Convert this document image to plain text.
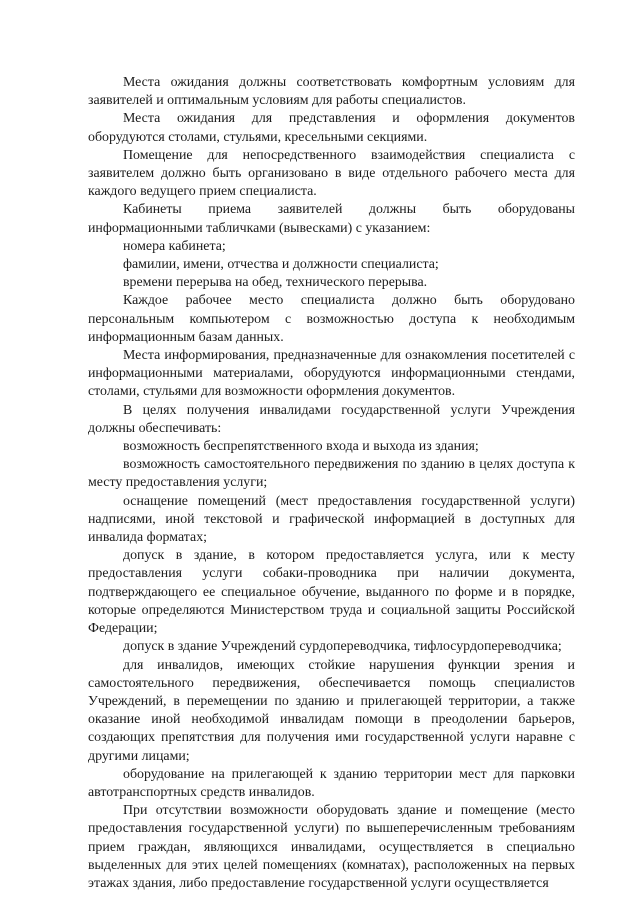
Места ожидания должны соответствовать комфортным условиям для заявителей и оптимальным условиям для работы специалистов.

Места ожидания для представления и оформления документов оборудуются столами, стульями, кресельными секциями.

Помещение для непосредственного взаимодействия специалиста с заявителем должно быть организовано в виде отдельного рабочего места для каждого ведущего прием специалиста.

Кабинеты приема заявителей должны быть оборудованы информационными табличками (вывесками) с указанием:

номера кабинета;

фамилии, имени, отчества и должности специалиста;

времени перерыва на обед, технического перерыва.

Каждое рабочее место специалиста должно быть оборудовано персональным компьютером с возможностью доступа к необходимым информационным базам данных.

Места информирования, предназначенные для ознакомления посетителей с информационными материалами, оборудуются информационными стендами, столами, стульями для возможности оформления документов.

В целях получения инвалидами государственной услуги Учреждения должны обеспечивать:

возможность беспрепятственного входа и выхода из здания;

возможность самостоятельного передвижения по зданию в целях доступа к месту предоставления услуги;

оснащение помещений (мест предоставления государственной услуги) надписями, иной текстовой и графической информацией в доступных для инвалида форматах;

допуск в здание, в котором предоставляется услуга, или к месту предоставления услуги собаки-проводника при наличии документа, подтверждающего ее специальное обучение, выданного по форме и в порядке, которые определяются Министерством труда и социальной защиты Российской Федерации;

допуск в здание Учреждений сурдопереводчика, тифлосурдопереводчика;

для инвалидов, имеющих стойкие нарушения функции зрения и самостоятельного передвижения, обеспечивается помощь специалистов Учреждений, в перемещении по зданию и прилегающей территории, а также оказание иной необходимой инвалидам помощи в преодолении барьеров, создающих препятствия для получения ими государственной услуги наравне с другими лицами;

оборудование на прилегающей к зданию территории мест для парковки автотранспортных средств инвалидов.

При отсутствии возможности оборудовать здание и помещение (место предоставления государственной услуги) по вышеперечисленным требованиям прием граждан, являющихся инвалидами, осуществляется в специально выделенных для этих целей помещениях (комнатах), расположенных на первых этажах здания, либо предоставление государственной услуги осуществляется
